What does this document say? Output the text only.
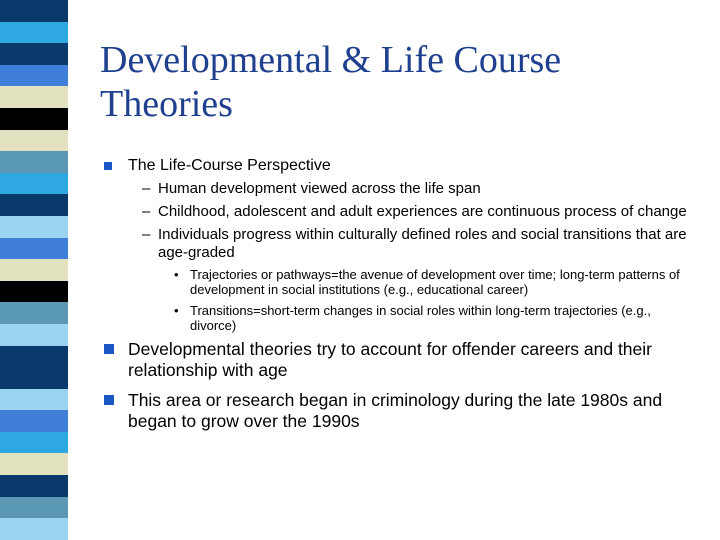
Developmental & Life Course Theories
The Life-Course Perspective
– Human development viewed across the life span
– Childhood, adolescent and adult experiences are continuous process of change
– Individuals progress within culturally defined roles and social transitions that are age-graded
• Trajectories or pathways=the avenue of development over time; long-term patterns of development in social institutions (e.g., educational career)
• Transitions=short-term changes in social roles within long-term trajectories (e.g., divorce)
Developmental theories try to account for offender careers and their relationship with age
This area or research began in criminology during the late 1980s and began to grow over the 1990s
